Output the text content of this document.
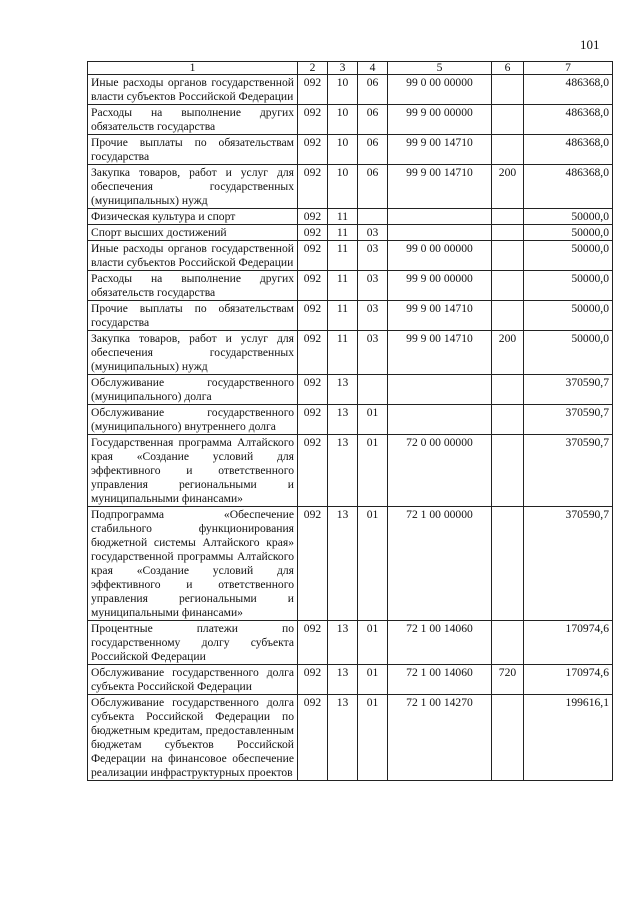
101
1	2	3	4	5	6	7
Иные расходы органов государственной власти субъектов Российской Федерации	092	10	06	99 0 00 00000		486368,0
Расходы на выполнение других обязательств государства	092	10	06	99 9 00 00000		486368,0
Прочие выплаты по обязательствам государства	092	10	06	99 9 00 14710		486368,0
Закупка товаров, работ и услуг для обеспечения государственных (муниципальных) нужд	092	10	06	99 9 00 14710	200	486368,0
Физическая культура и спорт	092	11				50000,0
Спорт высших достижений	092	11	03			50000,0
Иные расходы органов государственной власти субъектов Российской Федерации	092	11	03	99 0 00 00000		50000,0
Расходы на выполнение других обязательств государства	092	11	03	99 9 00 00000		50000,0
Прочие выплаты по обязательствам государства	092	11	03	99 9 00 14710		50000,0
Закупка товаров, работ и услуг для обеспечения государственных (муниципальных) нужд	092	11	03	99 9 00 14710	200	50000,0
Обслуживание государственного (муниципального) долга	092	13				370590,7
Обслуживание государственного (муниципального) внутреннего долга	092	13	01			370590,7
Государственная программа Алтайского края «Создание условий для эффективного и ответственного управления региональными и муниципальными финансами»	092	13	01	72 0 00 00000		370590,7
Подпрограмма «Обеспечение стабильного функционирования бюджетной системы Алтайского края» государственной программы Алтайского края «Создание условий для эффективного и ответственного управления региональными и муниципальными финансами»	092	13	01	72 1 00 00000		370590,7
Процентные платежи по государственному долгу субъекта Российской Федерации	092	13	01	72 1 00 14060		170974,6
Обслуживание государственного долга субъекта Российской Федерации	092	13	01	72 1 00 14060	720	170974,6
Обслуживание государственного долга субъекта Российской Федерации по бюджетным кредитам, предоставленным бюджетам субъектов Российской Федерации на финансовое обеспечение реализации инфраструктурных проектов	092	13	01	72 1 00 14270		199616,1
